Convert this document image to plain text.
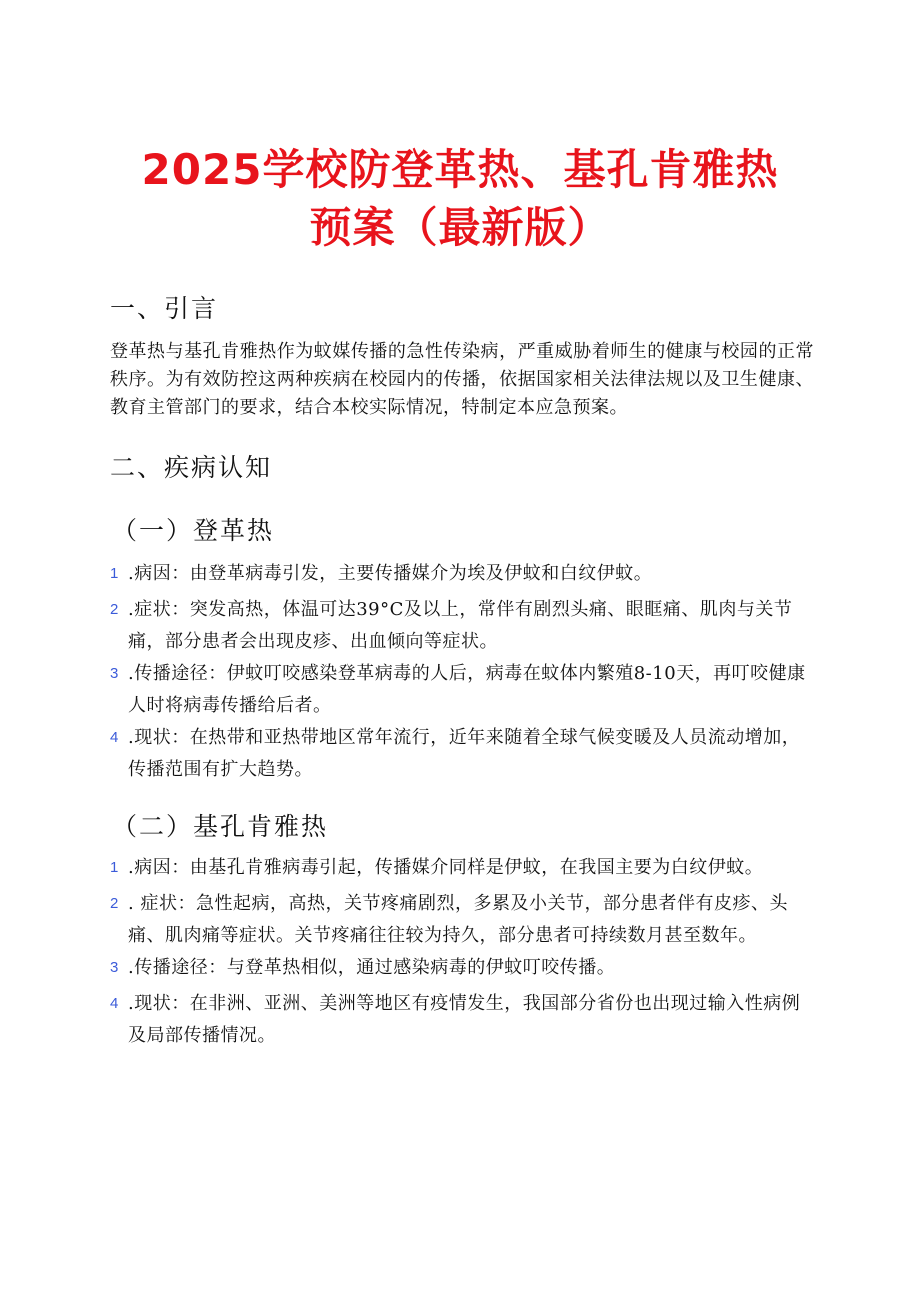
2025学校防登革热、基孔肯雅热
预案（最新版）
一、引言
登革热与基孔肯雅热作为蚊媒传播的急性传染病，严重威胁着师生的健康与校园的正常秩序。为有效防控这两种疾病在校园内的传播，依据国家相关法律法规以及卫生健康、教育主管部门的要求，结合本校实际情况，特制定本应急预案。
二、疾病认知
（一）登革热
1 .病因：由登革病毒引发，主要传播媒介为埃及伊蚊和白纹伊蚊。
2 .症状：突发高热，体温可达39°C及以上，常伴有剧烈头痛、眼眶痛、肌肉与关节痛，部分患者会出现皮疹、出血倾向等症状。
3 .传播途径：伊蚊叮咬感染登革病毒的人后，病毒在蚊体内繁殖8-10天，再叮咬健康人时将病毒传播给后者。
4 .现状：在热带和亚热带地区常年流行，近年来随着全球气候变暖及人员流动增加，传播范围有扩大趋势。
（二）基孔肯雅热
1 .病因：由基孔肯雅病毒引起，传播媒介同样是伊蚊，在我国主要为白纹伊蚊。
2 . 症状：急性起病，高热，关节疼痛剧烈，多累及小关节，部分患者伴有皮疹、头痛、肌肉痛等症状。关节疼痛往往较为持久，部分患者可持续数月甚至数年。
3 .传播途径：与登革热相似，通过感染病毒的伊蚊叮咬传播。
4 .现状：在非洲、亚洲、美洲等地区有疫情发生，我国部分省份也出现过输入性病例及局部传播情况。
